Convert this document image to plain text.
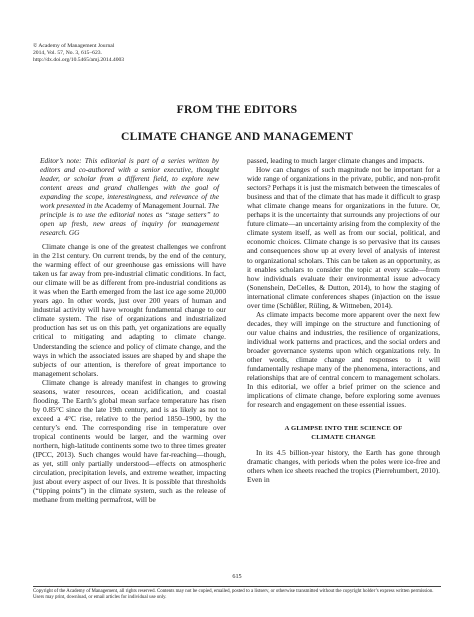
© Academy of Management Journal
2014, Vol. 57, No. 3, 615–623.
http://dx.doi.org/10.5465/amj.2014.4003
FROM THE EDITORS
CLIMATE CHANGE AND MANAGEMENT

Editor’s note: This editorial is part of a series written by editors and co-authored with a senior executive, thought leader, or scholar from a different field, to explore new content areas and grand challenges with the goal of expanding the scope, interestingness, and relevance of the work presented in the Academy of Management Journal. The principle is to use the editorial notes as “stage setters” to open up fresh, new areas of inquiry for management research. GG

Climate change is one of the greatest challenges we confront in the 21st century. On current trends, by the end of the century, the warming effect of our greenhouse gas emissions will have taken us far away from pre-industrial climatic conditions. In fact, our climate will be as different from pre-industrial conditions as it was when the Earth emerged from the last ice age some 20,000 years ago. In other words, just over 200 years of human and industrial activity will have wrought fundamental change to our climate system. The rise of organizations and industrialized production has set us on this path, yet organizations are equally critical to mitigating and adapting to climate change. Understanding the science and policy of climate change, and the ways in which the associated issues are shaped by and shape the subjects of our attention, is therefore of great importance to management scholars.

Climate change is already manifest in changes to growing seasons, water resources, ocean acidification, and coastal flooding. The Earth’s global mean surface temperature has risen by 0.85°C since the late 19th century, and is as likely as not to exceed a 4°C rise, relative to the period 1850–1900, by the century’s end. The corresponding rise in temperature over tropical continents would be larger, and the warming over northern, high-latitude continents some two to three times greater (IPCC, 2013). Such changes would have far-reaching—though, as yet, still only partially understood—effects on atmospheric circulation, precipitation levels, and extreme weather, impacting just about every aspect of our lives. It is possible that thresholds (“tipping points”) in the climate system, such as the release of methane from melting permafrost, will be

passed, leading to much larger climate changes and impacts.

How can changes of such magnitude not be important for a wide range of organizations in the private, public, and non-profit sectors? Perhaps it is just the mismatch between the timescales of business and that of the climate that has made it difficult to grasp what climate change means for organizations in the future. Or, perhaps it is the uncertainty that surrounds any projections of our future climate—an uncertainty arising from the complexity of the climate system itself, as well as from our social, political, and economic choices. Climate change is so pervasive that its causes and consequences show up at every level of analysis of interest to organizational scholars. This can be taken as an opportunity, as it enables scholars to consider the topic at every scale—from how individuals evaluate their environmental issue advocacy (Sonenshein, DeCelles, & Dutton, 2014), to how the staging of international climate conferences shapes (in)action on the issue over time (Schüßler, Rüling, & Wittneben, 2014).

As climate impacts become more apparent over the next few decades, they will impinge on the structure and functioning of our value chains and industries, the resilience of organizations, individual work patterns and practices, and the social orders and broader governance systems upon which organizations rely. In other words, climate change and responses to it will fundamentally reshape many of the phenomena, interactions, and relationships that are of central concern to management scholars. In this editorial, we offer a brief primer on the science and implications of climate change, before exploring some avenues for research and engagement on these essential issues.

A GLIMPSE INTO THE SCIENCE OF
CLIMATE CHANGE

In its 4.5 billion-year history, the Earth has gone through dramatic changes, with periods when the poles were ice-free and others when ice sheets reached the tropics (Pierrehumbert, 2010). Even in

615
Copyright of the Academy of Management, all rights reserved. Contents may not be copied, emailed, posted to a listserv, or otherwise transmitted without the copyright holder’s express written permission. Users may print, download, or email articles for individual use only.
